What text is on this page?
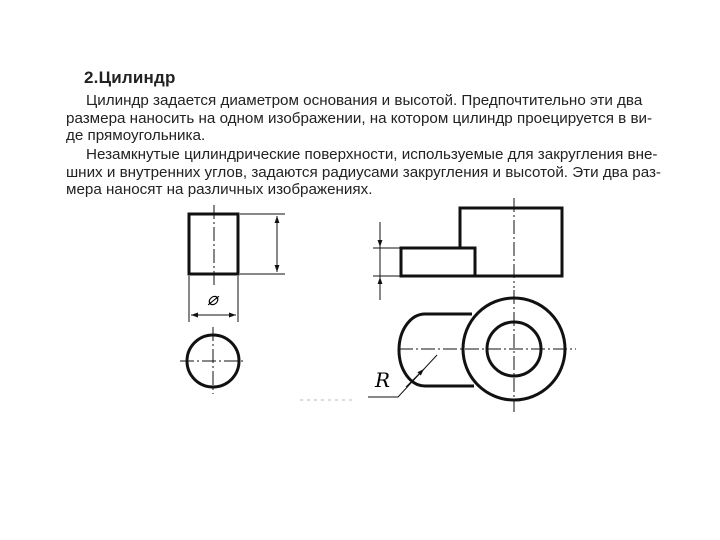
2.Цилиндр
Цилиндр задается диаметром основания и высотой. Предпочтительно эти два
размера наносить на одном изображении, на котором цилиндр проецируется в ви-
де прямоугольника.
Незамкнутые цилиндрические поверхности, используемые для закругления вне-
шних и внутренних углов, задаются радиусами закругления и высотой. Эти два раз-
мера наносят на различных изображениях.
⌀
R
